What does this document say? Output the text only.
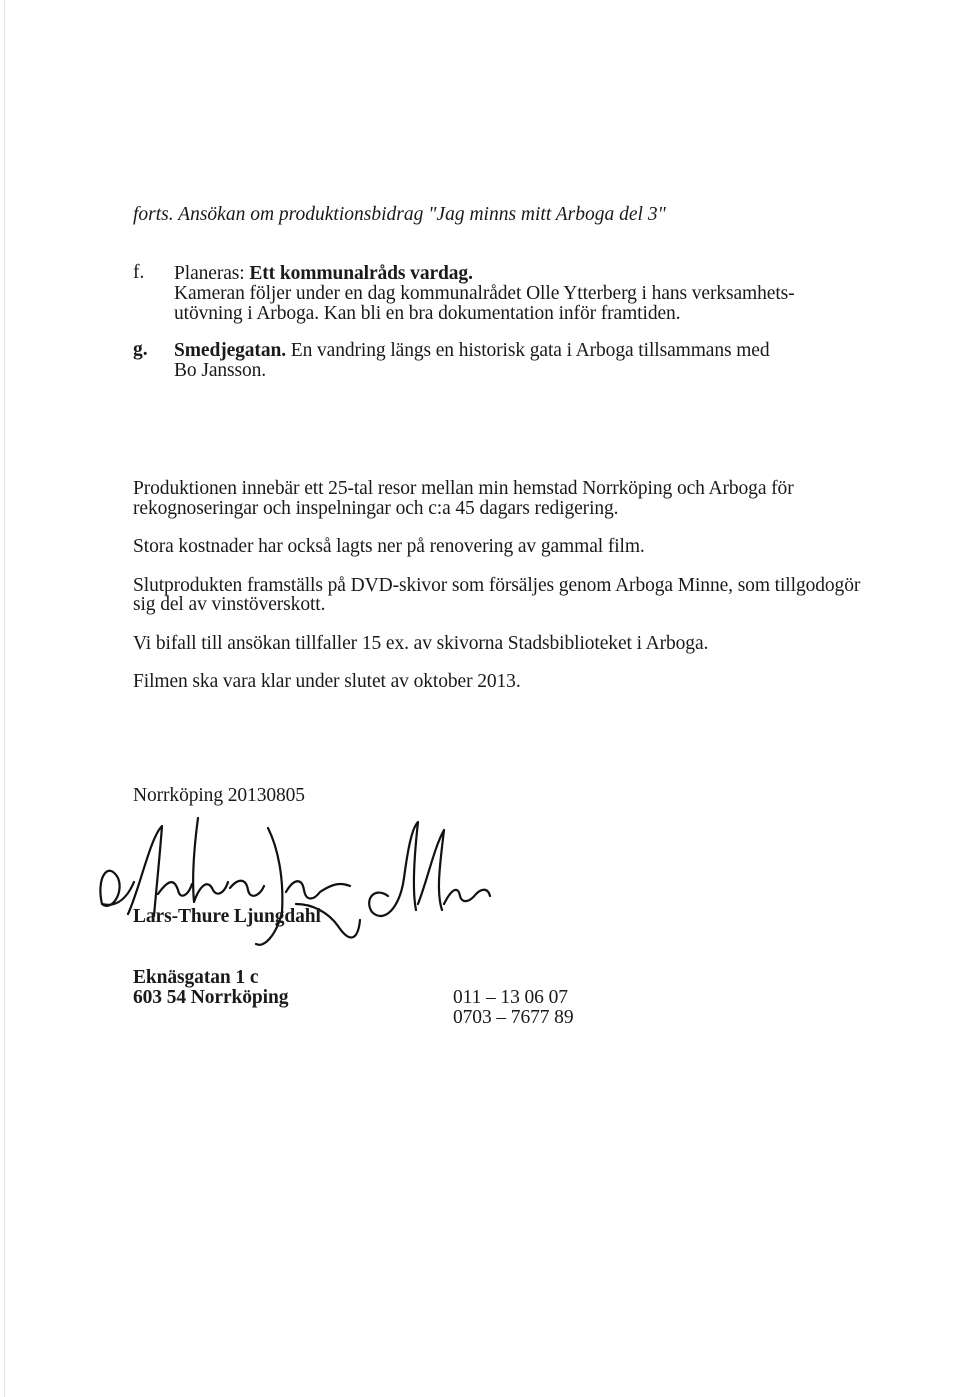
forts. Ansökan om produktionsbidrag "Jag minns mitt Arboga del 3"
f. Planeras: Ett kommunalråds vardag.
Kameran följer under en dag kommunalrådet Olle Ytterberg i hans verksamhets-
utövning i Arboga. Kan bli en bra dokumentation inför framtiden.
g. Smedjegatan. En vandring längs en historisk gata i Arboga tillsammans med
Bo Jansson.
Produktionen innebär ett 25-tal resor mellan min hemstad Norrköping och Arboga för
rekognoseringar och inspelningar och c:a 45 dagars redigering.
Stora kostnader har också lagts ner på renovering av gammal film.
Slutprodukten framställs på DVD-skivor som försäljes genom Arboga Minne, som tillgodogör
sig del av vinstöverskott.
Vi bifall till ansökan tillfaller 15 ex. av skivorna Stadsbiblioteket i Arboga.
Filmen ska vara klar under slutet av oktober 2013.
Norrköping 20130805
Lars-Thure Ljungdahl
Eknäsgatan 1 c
603 54 Norrköping	011 – 13 06 07
0703 – 7677 89
